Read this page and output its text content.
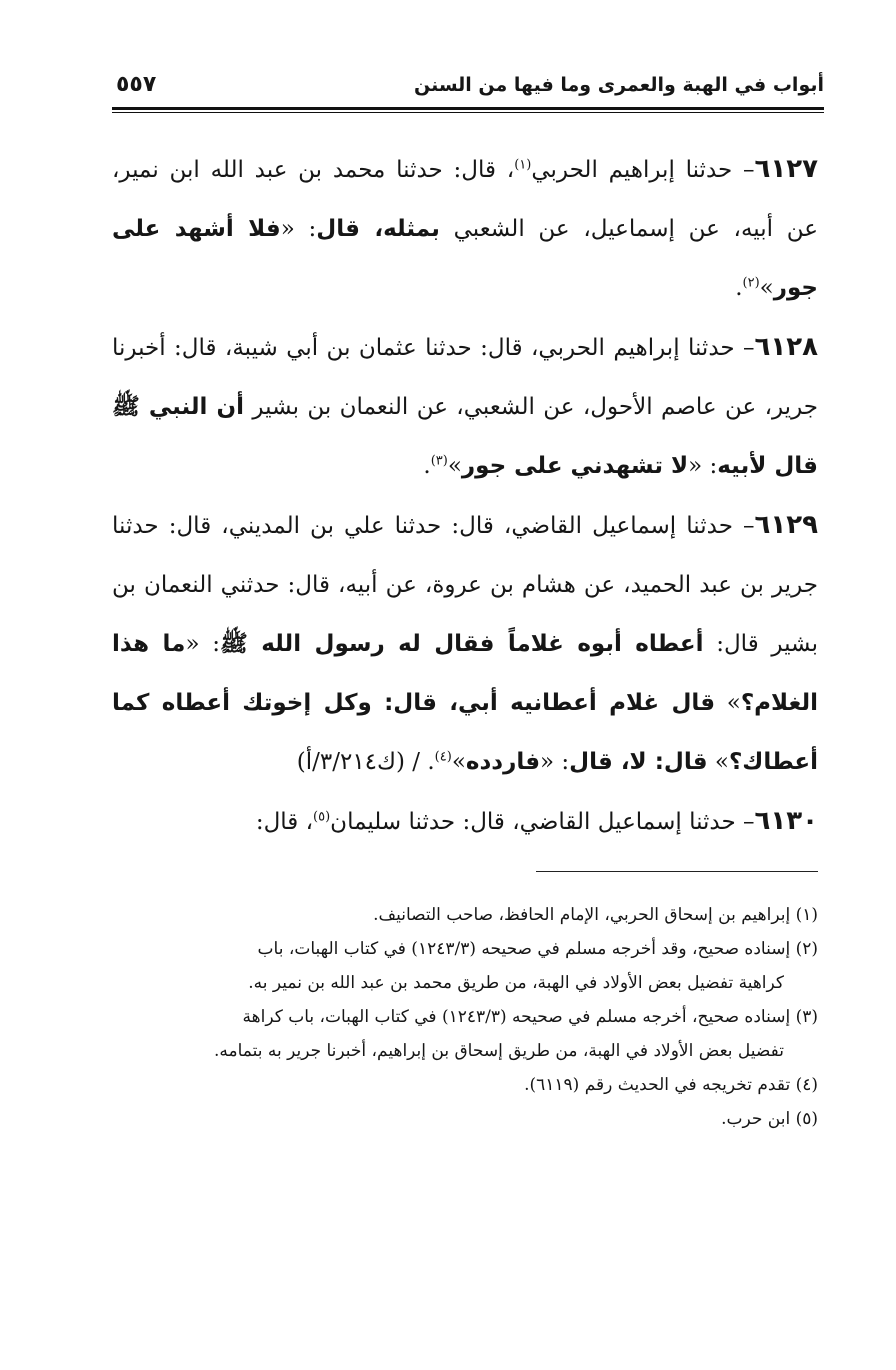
أبواب في الهبة والعمرى وما فيها من السنن
٥٥٧

٦١٢٧– حدثنا إبراهيم الحربي$^{(١)}$، قال: حدثنا محمد بن عبد الله ابن نمير، عن أبيه، عن إسماعيل، عن الشعبي بمثله، قال: «فلا أشهد على جور»$^{(٢)}$.

٦١٢٨– حدثنا إبراهيم الحربي، قال: حدثنا عثمان بن أبي شيبة، قال: أخبرنا جرير، عن عاصم الأحول، عن الشعبي، عن النعمان بن بشير أن النبي ﷺ قال لأبيه: «لا تشهدني على جور»$^{(٣)}$.

٦١٢٩– حدثنا إسماعيل القاضي، قال: حدثنا علي بن المديني، قال: حدثنا جرير بن عبد الحميد، عن هشام بن عروة، عن أبيه، قال: حدثني النعمان بن بشير قال: أعطاه أبوه غلاماً فقال له رسول الله ﷺ: «ما هذا الغلام؟» قال غلام أعطانيه أبي، قال: وكل إخوتك أعطاه كما أعطاك؟» قال: لا، قال: «فاردده»$^{(٤)}$. / (ك٣/٢١٤/أ)

٦١٣٠– حدثنا إسماعيل القاضي، قال: حدثنا سليمان$^{(٥)}$، قال:

(١) إبراهيم بن إسحاق الحربي، الإمام الحافظ، صاحب التصانيف.

(٢) إسناده صحيح، وقد أخرجه مسلم في صحيحه (١٢٤٣/٣) في كتاب الهبات، باب

كراهية تفضيل بعض الأولاد في الهبة، من طريق محمد بن عبد الله بن نمير به.

(٣) إسناده صحيح، أخرجه مسلم في صحيحه (١٢٤٣/٣) في كتاب الهبات، باب كراهة

تفضيل بعض الأولاد في الهبة، من طريق إسحاق بن إبراهيم، أخبرنا جرير به بتمامه.

(٤) تقدم تخريجه في الحديث رقم (٦١١٩).

(٥) ابن حرب.
